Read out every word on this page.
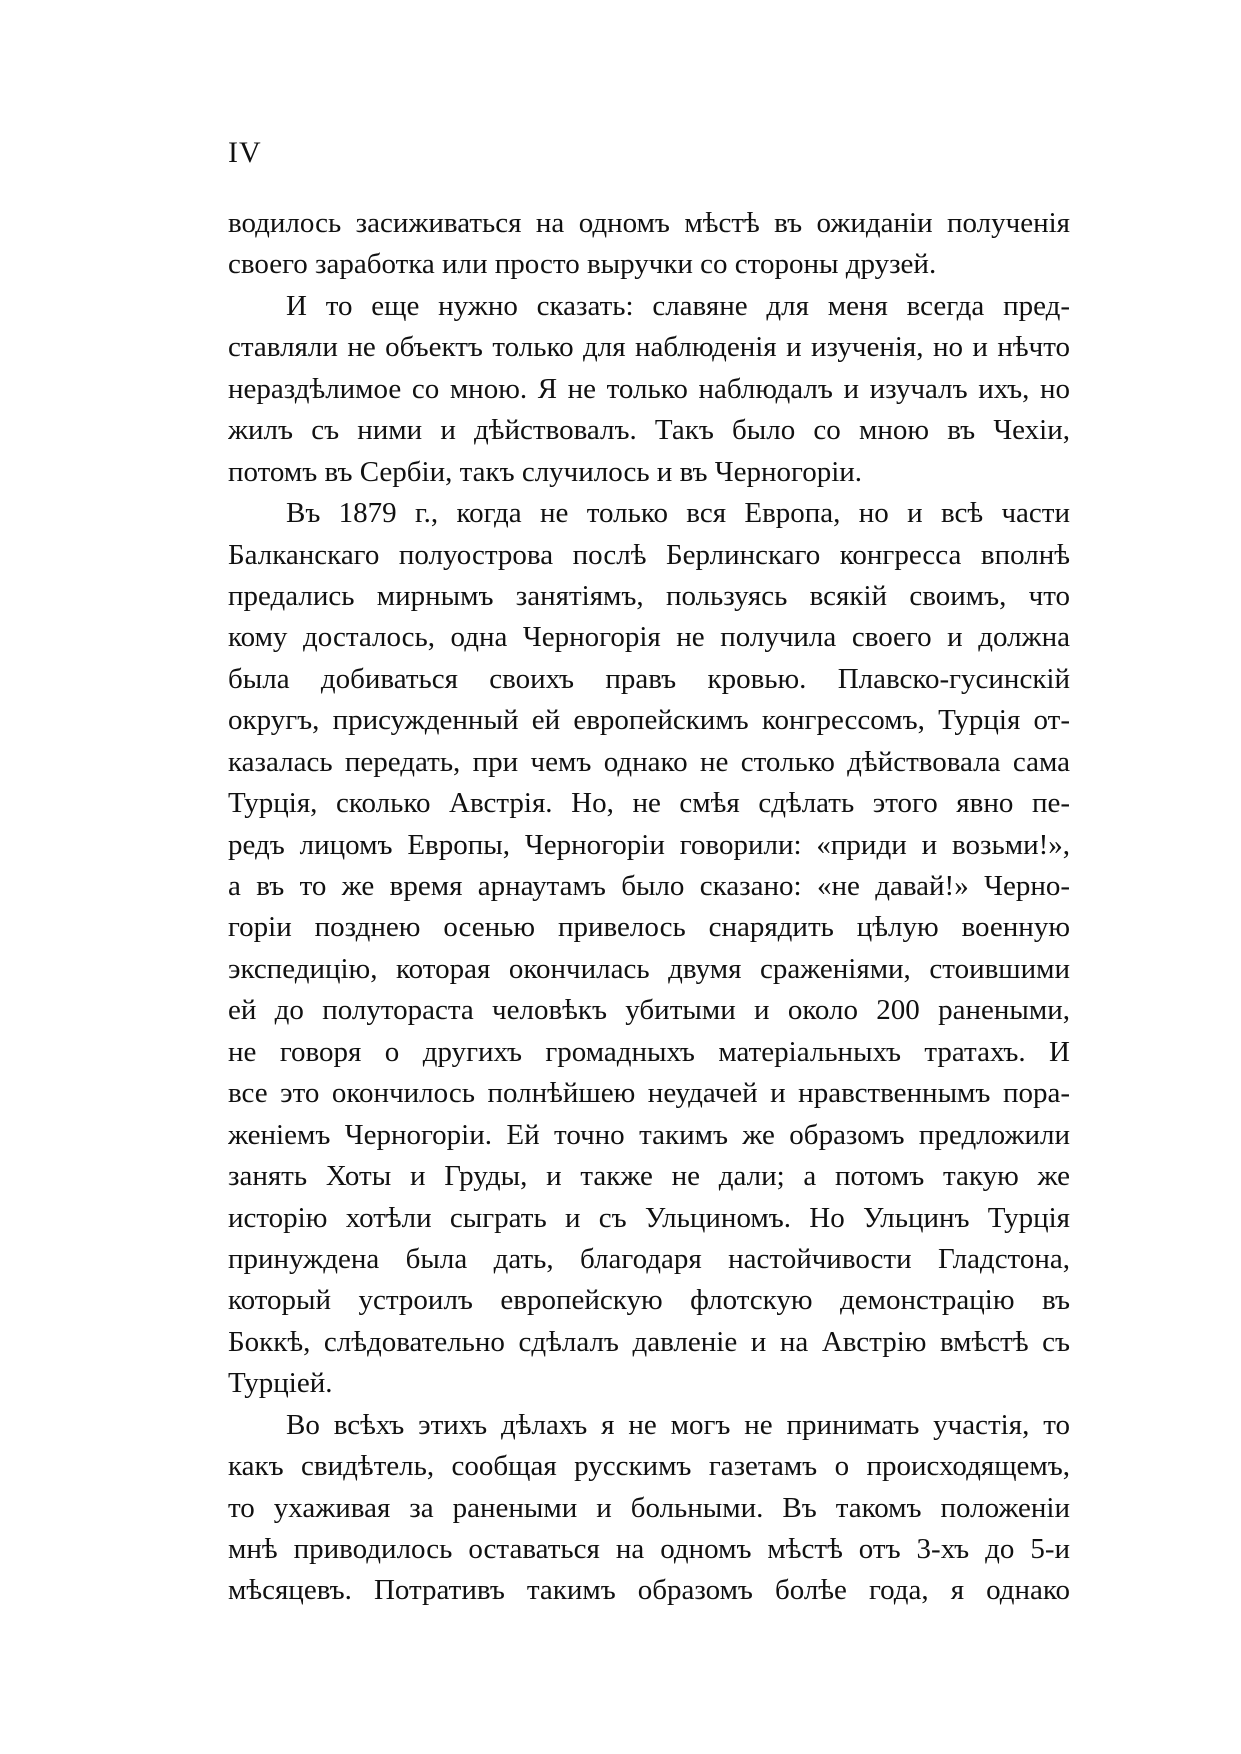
IV
водилось засиживаться на одномъ мѣстѣ въ ожиданіи полученія
своего заработка или просто выручки со стороны друзей.
И то еще нужно сказать: славяне для меня всегда пред-
ставляли не объектъ только для наблюденія и изученія, но и нѣчто
нераздѣлимое со мною. Я не только наблюдалъ и изучалъ ихъ, но
жилъ съ ними и дѣйствовалъ. Такъ было со мною въ Чехіи,
потомъ въ Сербіи, такъ случилось и въ Черногоріи.
Въ 1879 г., когда не только вся Европа, но и всѣ части
Балканскаго полуострова послѣ Берлинскаго конгресса вполнѣ
предались мирнымъ занятіямъ, пользуясь всякій своимъ, что
кому досталось, одна Черногорія не получила своего и должна
была добиваться своихъ правъ кровью. Плавско-гусинскій
округъ, присужденный ей европейскимъ конгрессомъ, Турція от-
казалась передать, при чемъ однако не столько дѣйствовала сама
Турція, сколько Австрія. Но, не смѣя сдѣлать этого явно пе-
редъ лицомъ Европы, Черногоріи говорили: «приди и возьми!»,
а въ то же время арнаутамъ было сказано: «не давай!» Черно-
горіи позднею осенью привелось снарядить цѣлую военную
экспедицію, которая окончилась двумя сраженіями, стоившими
ей до полутораста человѣкъ убитыми и около 200 ранеными,
не говоря о другихъ громадныхъ матеріальныхъ тратахъ. И
все это окончилось полнѣйшею неудачей и нравственнымъ пора-
женіемъ Черногоріи. Ей точно такимъ же образомъ предложили
занять Хоты и Груды, и также не дали; а потомъ такую же
исторію хотѣли сыграть и съ Ульциномъ. Но Ульцинъ Турція
принуждена была дать, благодаря настойчивости Гладстона,
который устроилъ европейскую флотскую демонстрацію въ
Боккѣ, слѣдовательно сдѣлалъ давленіе и на Австрію вмѣстѣ съ
Турціей.
Во всѣхъ этихъ дѣлахъ я не могъ не принимать участія, то
какъ свидѣтель, сообщая русскимъ газетамъ о происходящемъ,
то ухаживая за ранеными и больными. Въ такомъ положеніи
мнѣ приводилось оставаться на одномъ мѣстѣ отъ 3-хъ до 5-и
мѣсяцевъ. Потративъ такимъ образомъ болѣе года, я однако
